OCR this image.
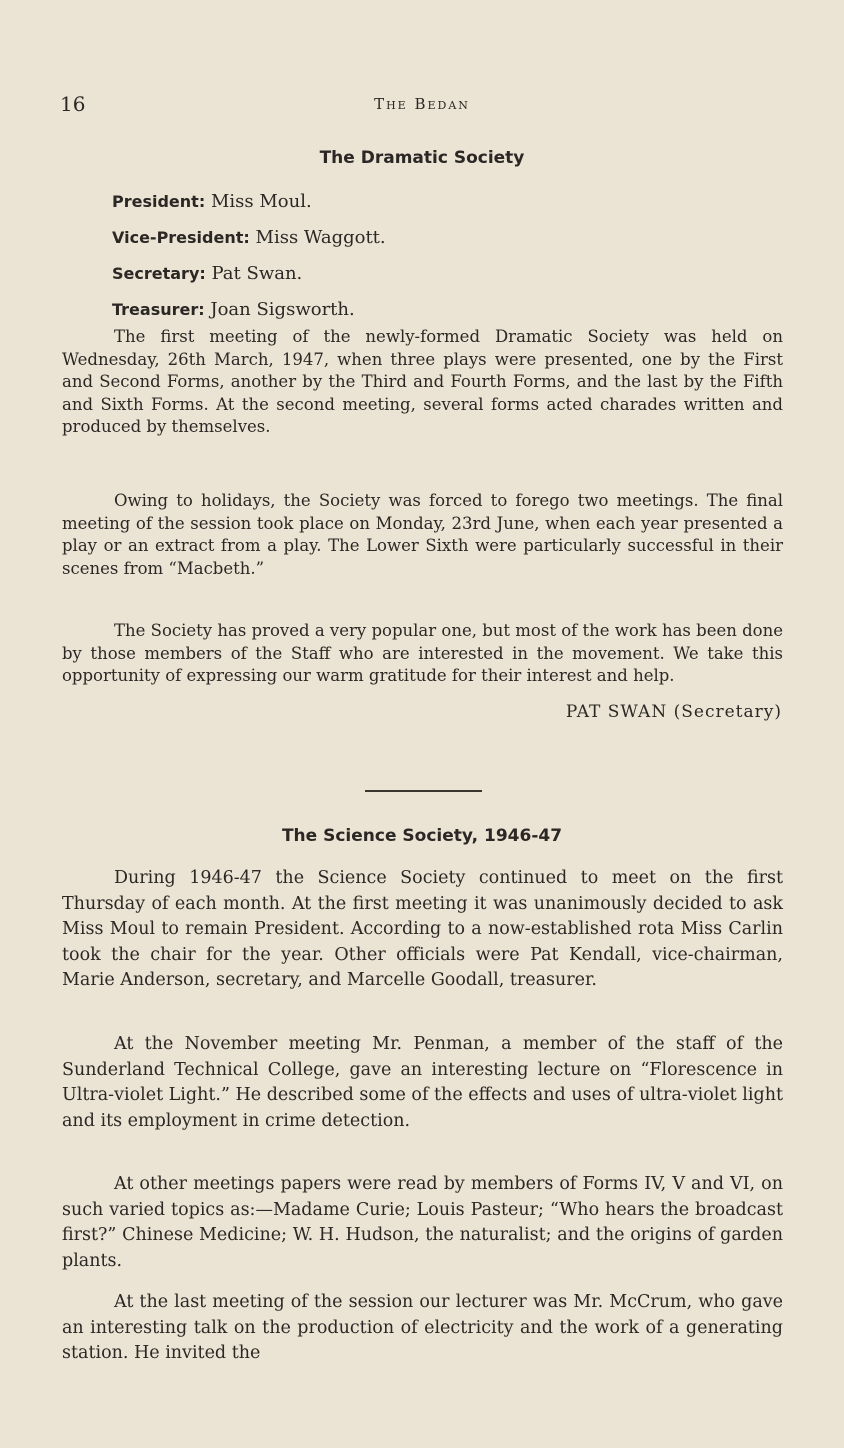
16	The Bedan
The Dramatic Society
President: Miss Moul.
Vice-President: Miss Waggott.
Secretary: Pat Swan.
Treasurer: Joan Sigsworth.

The first meeting of the newly-formed Dramatic Society was held on Wednesday, 26th March, 1947, when three plays were presented, one by the First and Second Forms, another by the Third and Fourth Forms, and the last by the Fifth and Sixth Forms. At the second meeting, several forms acted charades written and produced by themselves.

Owing to holidays, the Society was forced to forego two meetings. The final meeting of the session took place on Monday, 23rd June, when each year presented a play or an extract from a play. The Lower Sixth were particularly successful in their scenes from “Macbeth.”

The Society has proved a very popular one, but most of the work has been done by those members of the Staff who are interested in the movement. We take this opportunity of expressing our warm gratitude for their interest and help.

PAT SWAN (Secretary)
The Science Society, 1946-47

During 1946-47 the Science Society continued to meet on the first Thursday of each month. At the first meeting it was unanimously decided to ask Miss Moul to remain President. According to a now-established rota Miss Carlin took the chair for the year. Other officials were Pat Kendall, vice-chairman, Marie Anderson, secretary, and Marcelle Goodall, treasurer.

At the November meeting Mr. Penman, a member of the staff of the Sunderland Technical College, gave an interesting lecture on “Florescence in Ultra-violet Light.” He described some of the effects and uses of ultra-violet light and its employment in crime detection.

At other meetings papers were read by members of Forms IV, V and VI, on such varied topics as:—Madame Curie; Louis Pasteur; “Who hears the broadcast first?” Chinese Medicine; W. H. Hudson, the naturalist; and the origins of garden plants.

At the last meeting of the session our lecturer was Mr. McCrum, who gave an interesting talk on the production of electricity and the work of a generating station. He invited the
